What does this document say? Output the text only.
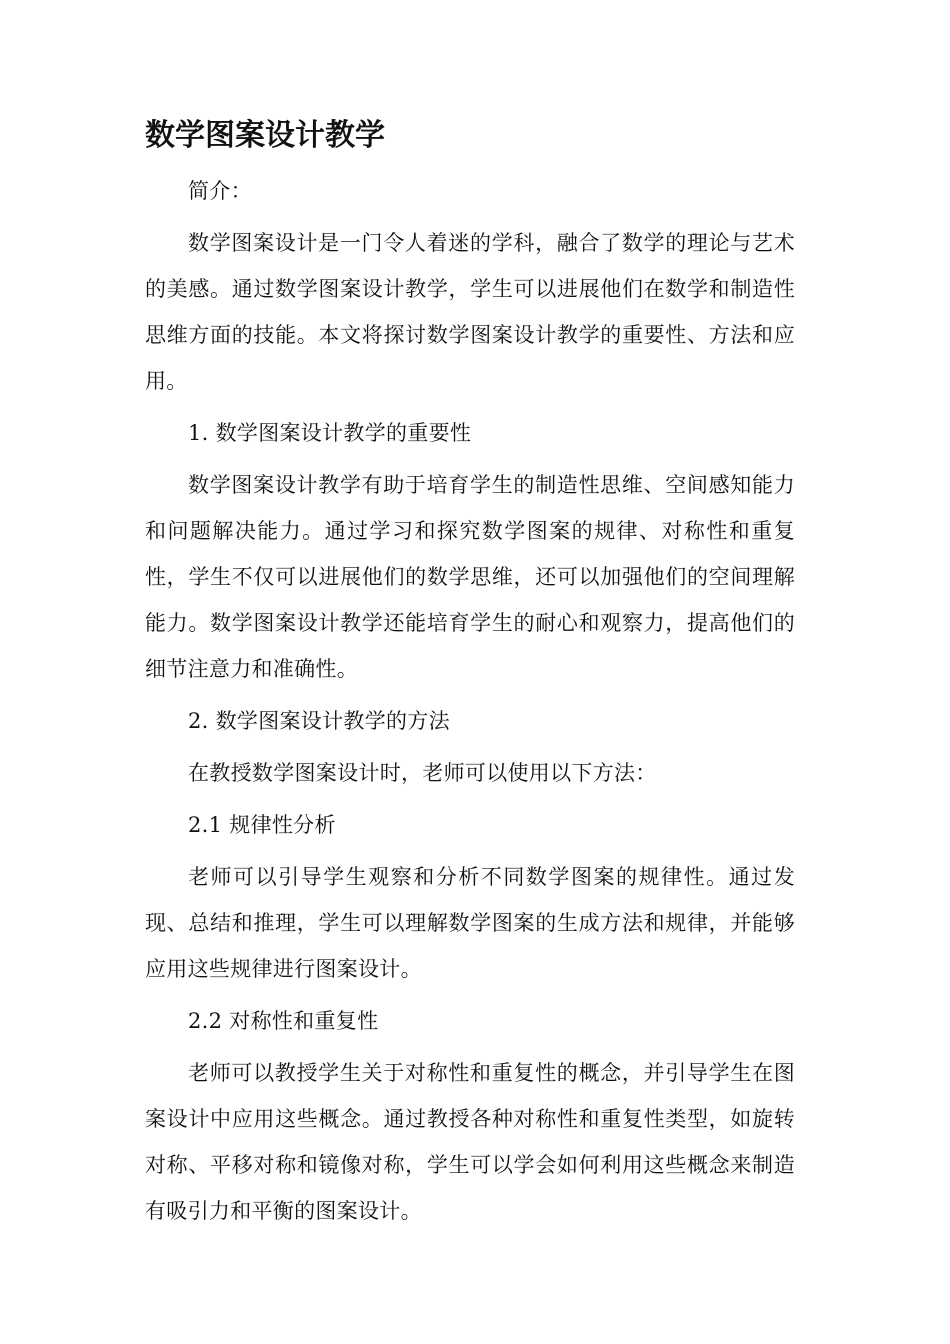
数学图案设计教学

简介：

数学图案设计是一门令人着迷的学科，融合了数学的理论与艺术的美感。通过数学图案设计教学，学生可以进展他们在数学和制造性思维方面的技能。本文将探讨数学图案设计教学的重要性、方法和应用。

1. 数学图案设计教学的重要性

数学图案设计教学有助于培育学生的制造性思维、空间感知能力和问题解决能力。通过学习和探究数学图案的规律、对称性和重复性，学生不仅可以进展他们的数学思维，还可以加强他们的空间理解能力。数学图案设计教学还能培育学生的耐心和观察力，提高他们的细节注意力和准确性。

2. 数学图案设计教学的方法

在教授数学图案设计时，老师可以使用以下方法：

2.1 规律性分析

老师可以引导学生观察和分析不同数学图案的规律性。通过发现、总结和推理，学生可以理解数学图案的生成方法和规律，并能够应用这些规律进行图案设计。

2.2 对称性和重复性

老师可以教授学生关于对称性和重复性的概念，并引导学生在图案设计中应用这些概念。通过教授各种对称性和重复性类型，如旋转对称、平移对称和镜像对称，学生可以学会如何利用这些概念来制造有吸引力和平衡的图案设计。
